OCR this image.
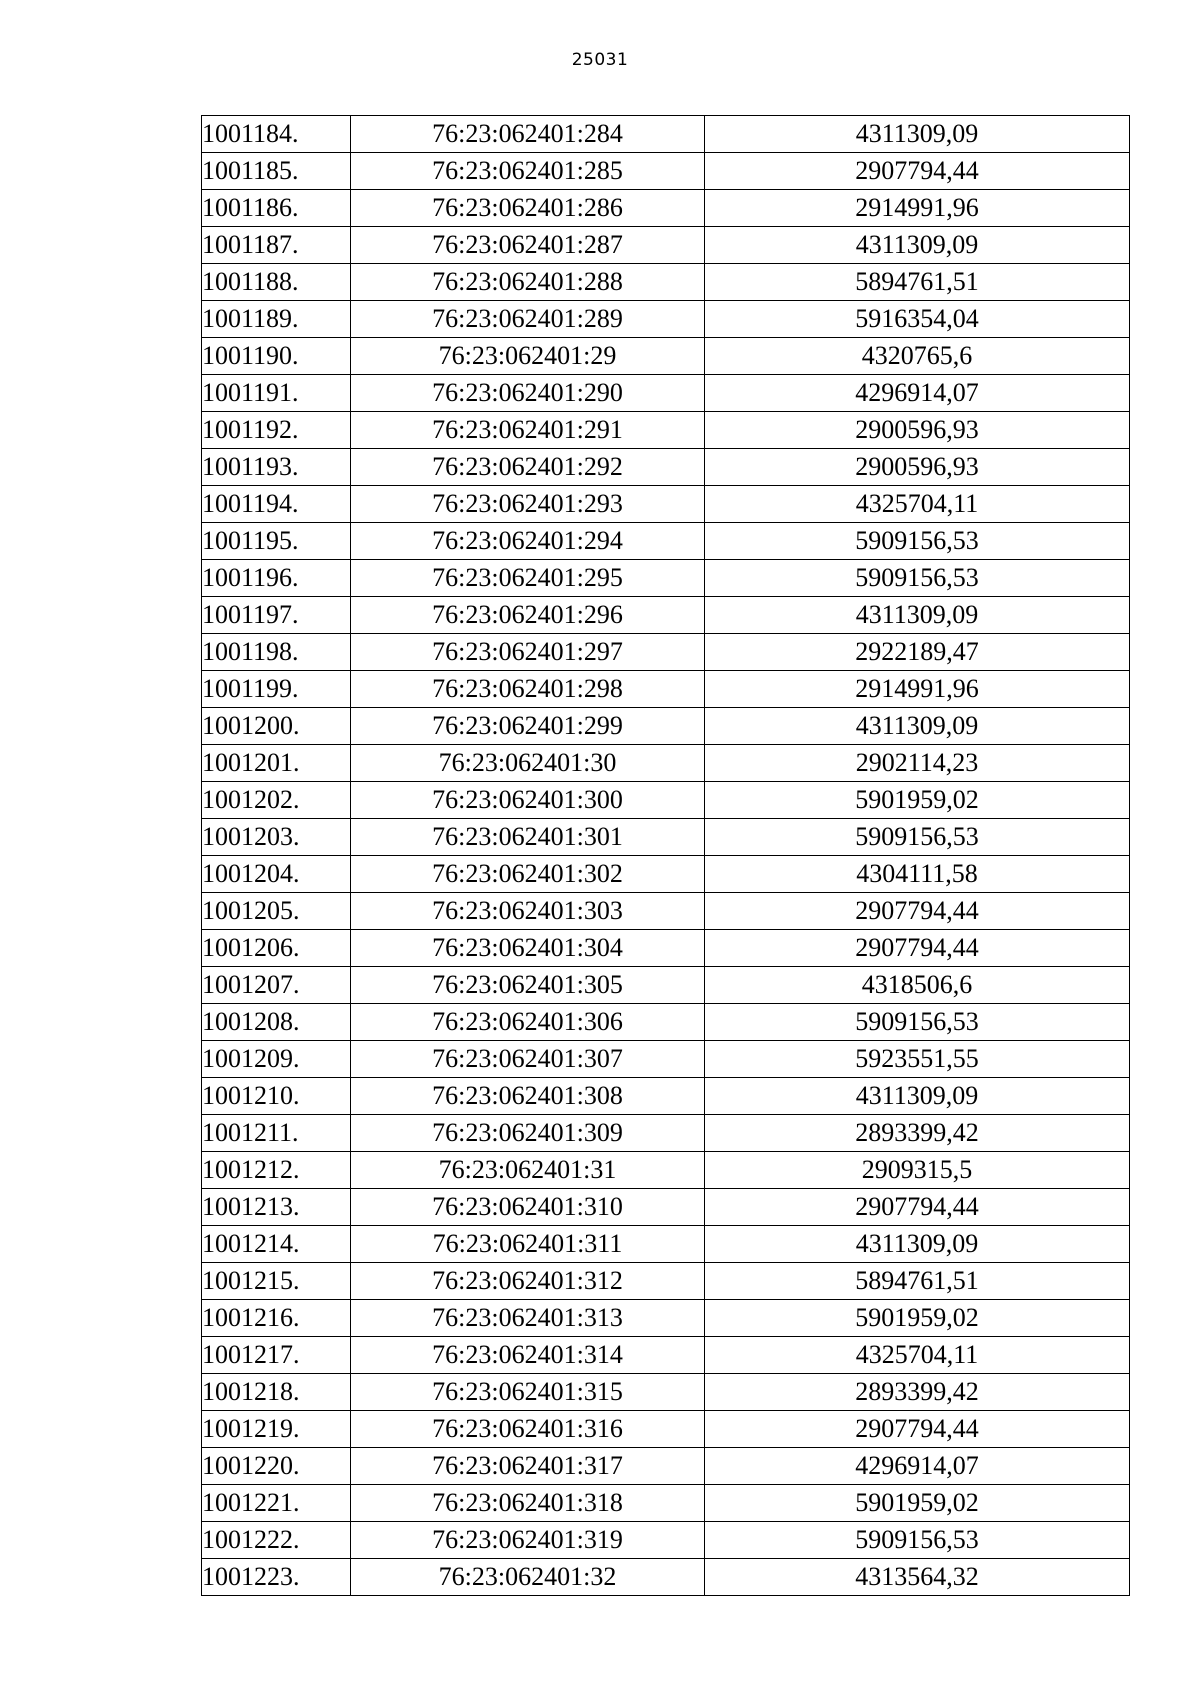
25031
1001184.	76:23:062401:284	4311309,09
1001185.	76:23:062401:285	2907794,44
1001186.	76:23:062401:286	2914991,96
1001187.	76:23:062401:287	4311309,09
1001188.	76:23:062401:288	5894761,51
1001189.	76:23:062401:289	5916354,04
1001190.	76:23:062401:29	4320765,6
1001191.	76:23:062401:290	4296914,07
1001192.	76:23:062401:291	2900596,93
1001193.	76:23:062401:292	2900596,93
1001194.	76:23:062401:293	4325704,11
1001195.	76:23:062401:294	5909156,53
1001196.	76:23:062401:295	5909156,53
1001197.	76:23:062401:296	4311309,09
1001198.	76:23:062401:297	2922189,47
1001199.	76:23:062401:298	2914991,96
1001200.	76:23:062401:299	4311309,09
1001201.	76:23:062401:30	2902114,23
1001202.	76:23:062401:300	5901959,02
1001203.	76:23:062401:301	5909156,53
1001204.	76:23:062401:302	4304111,58
1001205.	76:23:062401:303	2907794,44
1001206.	76:23:062401:304	2907794,44
1001207.	76:23:062401:305	4318506,6
1001208.	76:23:062401:306	5909156,53
1001209.	76:23:062401:307	5923551,55
1001210.	76:23:062401:308	4311309,09
1001211.	76:23:062401:309	2893399,42
1001212.	76:23:062401:31	2909315,5
1001213.	76:23:062401:310	2907794,44
1001214.	76:23:062401:311	4311309,09
1001215.	76:23:062401:312	5894761,51
1001216.	76:23:062401:313	5901959,02
1001217.	76:23:062401:314	4325704,11
1001218.	76:23:062401:315	2893399,42
1001219.	76:23:062401:316	2907794,44
1001220.	76:23:062401:317	4296914,07
1001221.	76:23:062401:318	5901959,02
1001222.	76:23:062401:319	5909156,53
1001223.	76:23:062401:32	4313564,32
